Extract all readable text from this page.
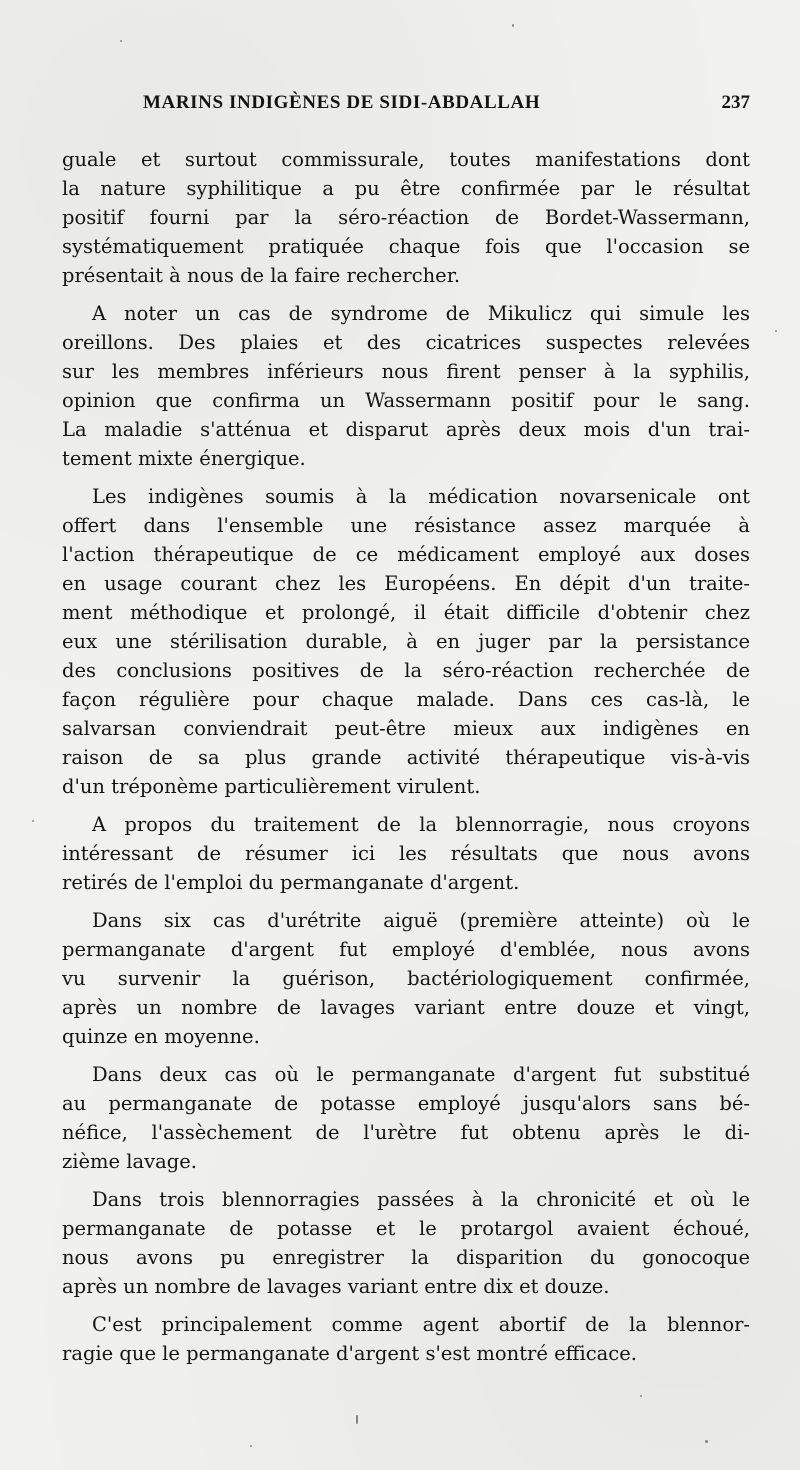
MARINS INDIGÈNES DE SIDI-ABDALLAH	237
guale et surtout commissurale, toutes manifestations dont
la nature syphilitique a pu être confirmée par le résultat
positif fourni par la séro-réaction de Bordet-Wassermann,
systématiquement pratiquée chaque fois que l'occasion se
présentait à nous de la faire rechercher.
A noter un cas de syndrome de Mikulicz qui simule les
oreillons. Des plaies et des cicatrices suspectes relevées
sur les membres inférieurs nous firent penser à la syphilis,
opinion que confirma un Wassermann positif pour le sang.
La maladie s'atténua et disparut après deux mois d'un trai-
tement mixte énergique.
Les indigènes soumis à la médication novarsenicale ont
offert dans l'ensemble une résistance assez marquée à
l'action thérapeutique de ce médicament employé aux doses
en usage courant chez les Européens. En dépit d'un traite-
ment méthodique et prolongé, il était difficile d'obtenir chez
eux une stérilisation durable, à en juger par la persistance
des conclusions positives de la séro-réaction recherchée de
façon régulière pour chaque malade. Dans ces cas-là, le
salvarsan conviendrait peut-être mieux aux indigènes en
raison de sa plus grande activité thérapeutique vis-à-vis
d'un tréponème particulièrement virulent.
A propos du traitement de la blennorragie, nous croyons
intéressant de résumer ici les résultats que nous avons
retirés de l'emploi du permanganate d'argent.
Dans six cas d'urétrite aiguë (première atteinte) où le
permanganate d'argent fut employé d'emblée, nous avons
vu survenir la guérison, bactériologiquement confirmée,
après un nombre de lavages variant entre douze et vingt,
quinze en moyenne.
Dans deux cas où le permanganate d'argent fut substitué
au permanganate de potasse employé jusqu'alors sans bé-
néfice, l'assèchement de l'urètre fut obtenu après le di-
zième lavage.
Dans trois blennorragies passées à la chronicité et où le
permanganate de potasse et le protargol avaient échoué,
nous avons pu enregistrer la disparition du gonocoque
après un nombre de lavages variant entre dix et douze.
C'est principalement comme agent abortif de la blennor-
ragie que le permanganate d'argent s'est montré efficace.
